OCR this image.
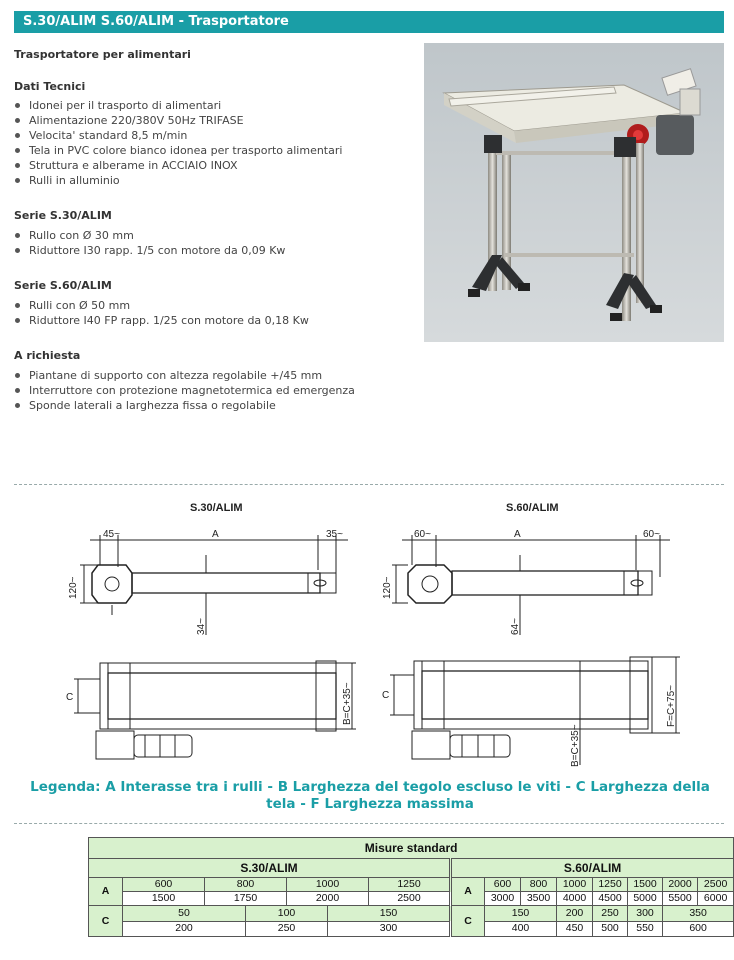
S.30/ALIM S.60/ALIM - Trasportatore
Trasportatore per alimentari
Dati Tecnici
Idonei per il trasporto di alimentari
Alimentazione 220/380V 50Hz TRIFASE
Velocita' standard 8,5 m/min
Tela in PVC colore bianco idonea per trasporto alimentari
Struttura e alberame in ACCIAIO INOX
Rulli in alluminio
Serie S.30/ALIM
Rullo con Ø 30 mm
Riduttore I30 rapp. 1/5 con motore da 0,09 Kw
Serie S.60/ALIM
Rulli con Ø 50 mm
Riduttore I40 FP rapp. 1/25 con motore da 0,18 Kw
A richiesta
Piantane di supporto con altezza regolabile +/45 mm
Interruttore con protezione magnetotermica ed emergenza
Sponde laterali a larghezza fissa o regolabile
S.30/ALIM	S.60/ALIM
45~	A	35~
120~
34~
C	B=C+35~
60~	A	60~
120~
64~
C	F=C+75~
B=C+35~
Legenda: A Interasse tra i rulli - B Larghezza del tegolo escluso le viti - C Larghezza della tela - F Larghezza massima
Misure standard														
S.30/ALIM							S.60/ALIM							
A	600	800		1000		1250	A	600	800	1000	1250	1500	2000	2500
	1500	1750		2000		2500		3000	3500	4000	4500	5000	5500	6000
C	50		100		150		C	150		200	250	300	350	
	200		250		300			400		450	500	550	600	
